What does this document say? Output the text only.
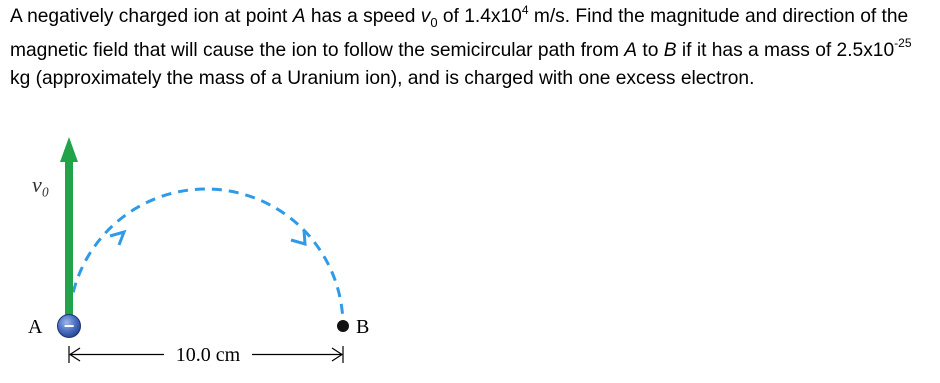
A negatively charged ion at point A has a speed $v_0$ of $1.4x10^4$ m/s. Find the magnitude and direction of the magnetic field that will cause the ion to follow the semicircular path from A to B if it has a mass of $2.5x10^{-25}$ kg (approximately the mass of a Uranium ion), and is charged with one excess electron.
v₀
−
A	B
10.0 cm
